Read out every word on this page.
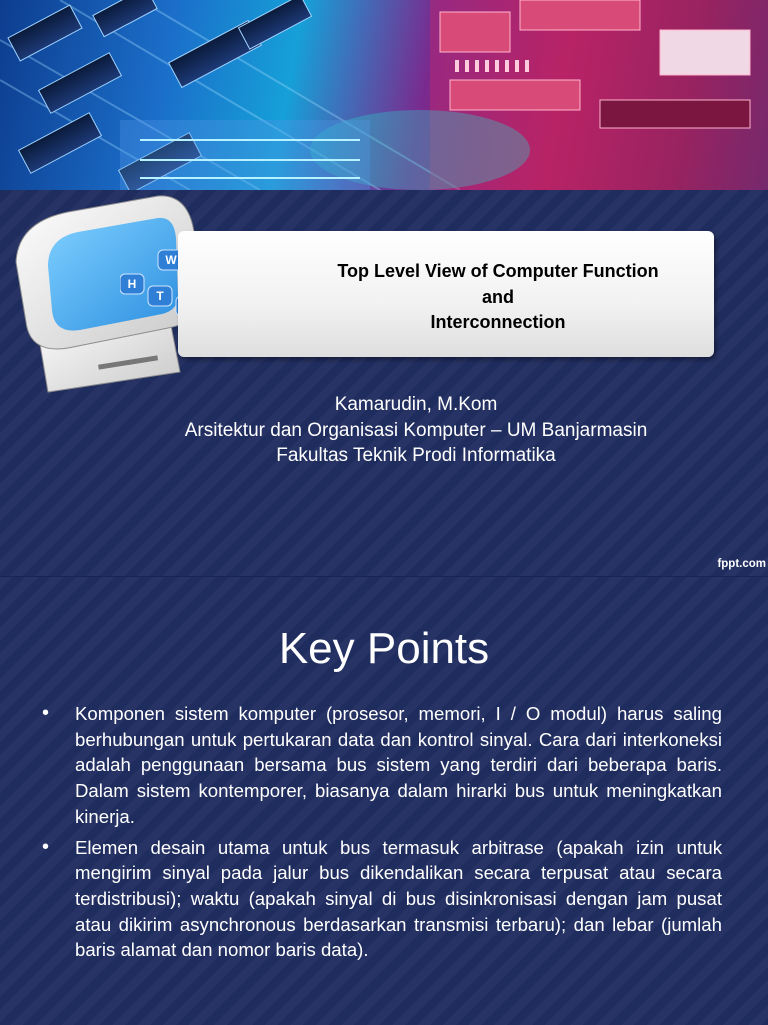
W
H
T
Top Level View of Computer Function
and
Interconnection
Kamarudin, M.Kom
Arsitektur dan Organisasi Komputer – UM Banjarmasin
Fakultas Teknik Prodi Informatika
fppt.com
Key Points
• Komponen sistem komputer (prosesor, memori, I / O modul) harus saling berhubungan untuk pertukaran data dan kontrol sinyal. Cara dari interkoneksi adalah penggunaan bersama bus sistem yang terdiri dari beberapa baris. Dalam sistem kontemporer, biasanya dalam hirarki bus untuk meningkatkan kinerja.
• Elemen desain utama untuk bus termasuk arbitrase (apakah izin untuk mengirim sinyal pada jalur bus dikendalikan secara terpusat atau secara terdistribusi); waktu (apakah sinyal di bus disinkronisasi dengan jam pusat atau dikirim asynchronous berdasarkan transmisi terbaru); dan lebar (jumlah baris alamat dan nomor baris data).
